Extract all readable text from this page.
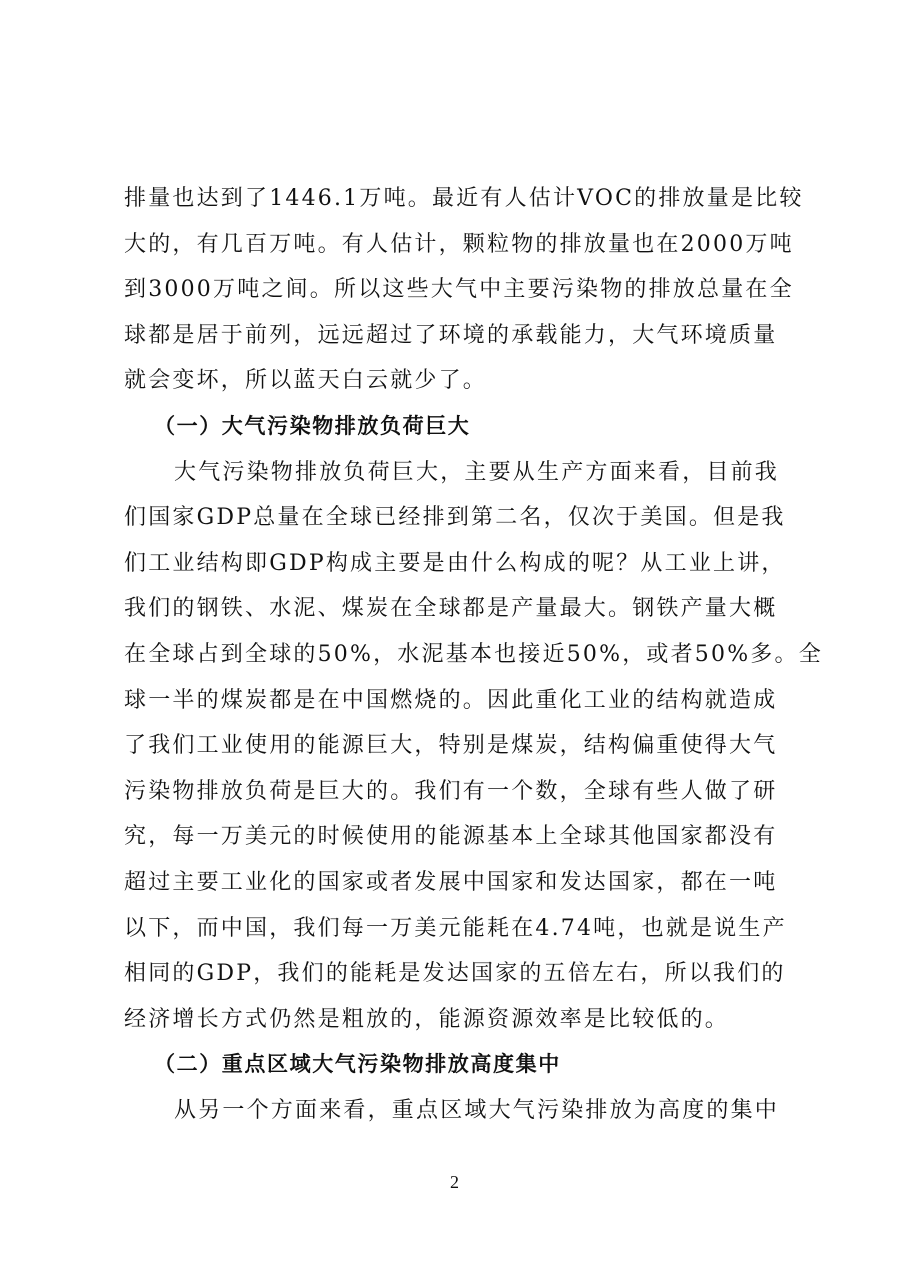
排量也达到了1446.1万吨。最近有人估计VOC的排放量是比较
大的，有几百万吨。有人估计，颗粒物的排放量也在2000万吨
到3000万吨之间。所以这些大气中主要污染物的排放总量在全
球都是居于前列，远远超过了环境的承载能力，大气环境质量
就会变坏，所以蓝天白云就少了。
（一）大气污染物排放负荷巨大
大气污染物排放负荷巨大，主要从生产方面来看，目前我
们国家GDP总量在全球已经排到第二名，仅次于美国。但是我
们工业结构即GDP构成主要是由什么构成的呢？从工业上讲，
我们的钢铁、水泥、煤炭在全球都是产量最大。钢铁产量大概
在全球占到全球的50%，水泥基本也接近50%，或者50%多。全
球一半的煤炭都是在中国燃烧的。因此重化工业的结构就造成
了我们工业使用的能源巨大，特别是煤炭，结构偏重使得大气
污染物排放负荷是巨大的。我们有一个数，全球有些人做了研
究，每一万美元的时候使用的能源基本上全球其他国家都没有
超过主要工业化的国家或者发展中国家和发达国家，都在一吨
以下，而中国，我们每一万美元能耗在4.74吨，也就是说生产
相同的GDP，我们的能耗是发达国家的五倍左右，所以我们的
经济增长方式仍然是粗放的，能源资源效率是比较低的。
（二）重点区域大气污染物排放高度集中
从另一个方面来看，重点区域大气污染排放为高度的集中
2
